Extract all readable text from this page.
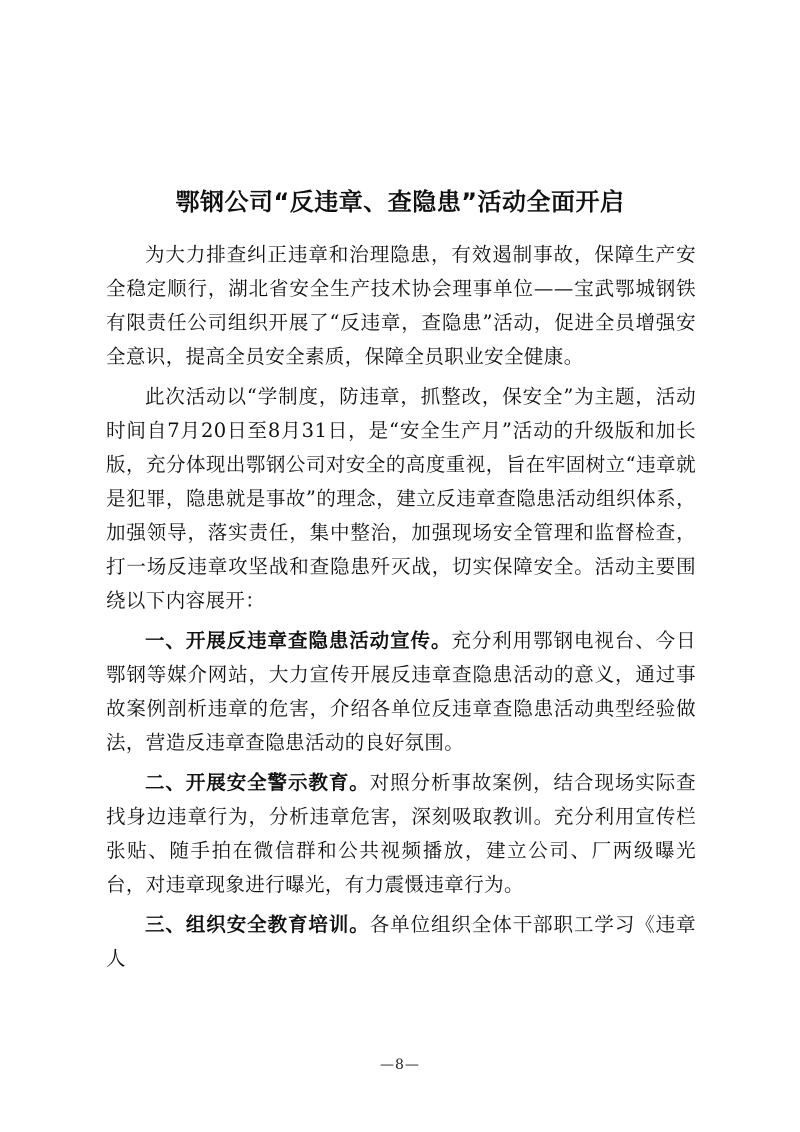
鄂钢公司“反违章、查隐患”活动全面开启

为大力排查纠正违章和治理隐患，有效遏制事故，保障生产安全稳定顺行，湖北省安全生产技术协会理事单位——宝武鄂城钢铁有限责任公司组织开展了“反违章，查隐患”活动，促进全员增强安全意识，提高全员安全素质，保障全员职业安全健康。

此次活动以“学制度，防违章，抓整改，保安全”为主题，活动时间自7月20日至8月31日，是“安全生产月”活动的升级版和加长版，充分体现出鄂钢公司对安全的高度重视，旨在牢固树立“违章就是犯罪，隐患就是事故”的理念，建立反违章查隐患活动组织体系，加强领导，落实责任，集中整治，加强现场安全管理和监督检查，打一场反违章攻坚战和查隐患歼灭战，切实保障安全。活动主要围绕以下内容展开：

一、开展反违章查隐患活动宣传。充分利用鄂钢电视台、今日鄂钢等媒介网站，大力宣传开展反违章查隐患活动的意义，通过事故案例剖析违章的危害，介绍各单位反违章查隐患活动典型经验做法，营造反违章查隐患活动的良好氛围。

二、开展安全警示教育。对照分析事故案例，结合现场实际查找身边违章行为，分析违章危害，深刻吸取教训。充分利用宣传栏张贴、随手拍在微信群和公共视频播放，建立公司、厂两级曝光台，对违章现象进行曝光，有力震慑违章行为。

三、组织安全教育培训。各单位组织全体干部职工学习《违章人

—8—
